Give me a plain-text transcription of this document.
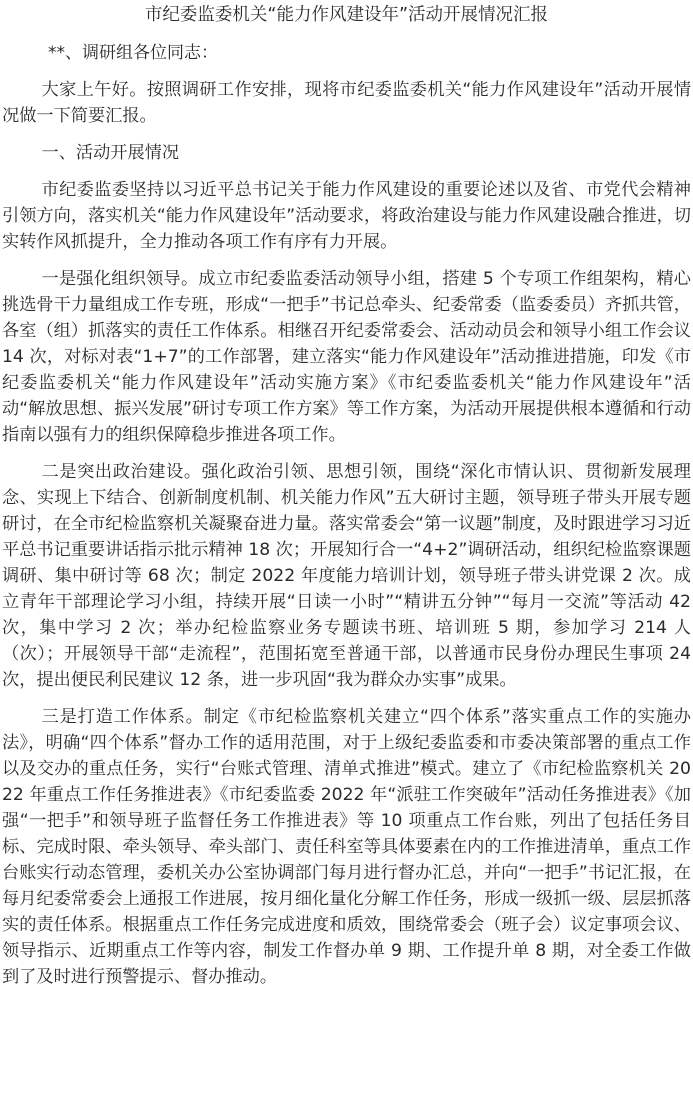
市纪委监委机关“能力作风建设年”活动开展情况汇报
**、调研组各位同志：

大家上午好。按照调研工作安排，现将市纪委监委机关“能力作风建设年”活动开展情况做一下简要汇报。

一、活动开展情况

市纪委监委坚持以习近平总书记关于能力作风建设的重要论述以及省、市党代会精神引领方向，落实机关“能力作风建设年”活动要求，将政治建设与能力作风建设融合推进，切实转作风抓提升，全力推动各项工作有序有力开展。

一是强化组织领导。成立市纪委监委活动领导小组，搭建 5 个专项工作组架构，精心挑选骨干力量组成工作专班，形成“一把手”书记总牵头、纪委常委（监委委员）齐抓共管，各室（组）抓落实的责任工作体系。相继召开纪委常委会、活动动员会和领导小组工作会议 14 次，对标对表“1+7”的工作部署，建立落实“能力作风建设年”活动推进措施，印发《市纪委监委机关“能力作风建设年”活动实施方案》《市纪委监委机关“能力作风建设年”活动“解放思想、振兴发展”研讨专项工作方案》等工作方案，为活动开展提供根本遵循和行动指南以强有力的组织保障稳步推进各项工作。

二是突出政治建设。强化政治引领、思想引领，围绕“深化市情认识、贯彻新发展理念、实现上下结合、创新制度机制、机关能力作风”五大研讨主题，领导班子带头开展专题研讨，在全市纪检监察机关凝聚奋进力量。落实常委会“第一议题”制度，及时跟进学习习近平总书记重要讲话指示批示精神 18 次；开展知行合一“4+2”调研活动，组织纪检监察课题调研、集中研讨等 68 次；制定 2022 年度能力培训计划，领导班子带头讲党课 2 次。成立青年干部理论学习小组，持续开展“日读一小时”“精讲五分钟”“每月一交流”等活动 42 次，集中学习 2 次；举办纪检监察业务专题读书班、培训班 5 期，参加学习 214 人（次）；开展领导干部“走流程”，范围拓宽至普通干部，以普通市民身份办理民生事项 24 次，提出便民利民建议 12 条，进一步巩固“我为群众办实事”成果。

三是打造工作体系。制定《市纪检监察机关建立“四个体系”落实重点工作的实施办法》，明确“四个体系”督办工作的适用范围，对于上级纪委监委和市委决策部署的重点工作以及交办的重点任务，实行“台账式管理、清单式推进”模式。建立了《市纪检监察机关 2022 年重点工作任务推进表》《市纪委监委 2022 年“派驻工作突破年”活动任务推进表》《加强“一把手”和领导班子监督任务工作推进表》等 10 项重点工作台账，列出了包括任务目标、完成时限、牵头领导、牵头部门、责任科室等具体要素在内的工作推进清单，重点工作台账实行动态管理，委机关办公室协调部门每月进行督办汇总，并向“一把手”书记汇报，在每月纪委常委会上通报工作进展，按月细化量化分解工作任务，形成一级抓一级、层层抓落实的责任体系。根据重点工作任务完成进度和质效，围绕常委会（班子会）议定事项会议、领导指示、近期重点工作等内容，制发工作督办单 9 期、工作提升单 8 期，对全委工作做到了及时进行预警提示、督办推动。
